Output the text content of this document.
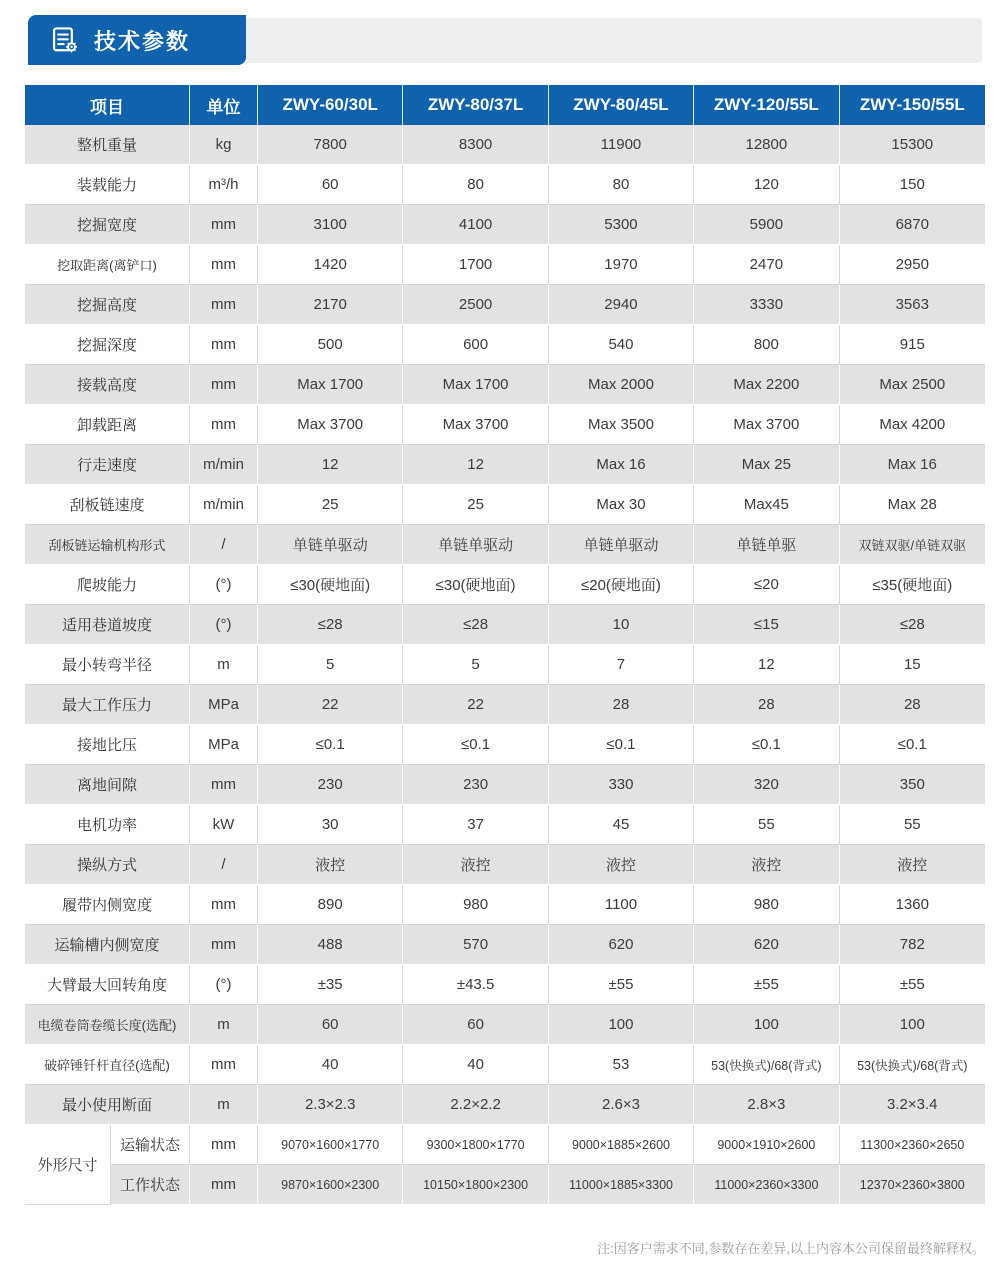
技术参数
项目		单位	ZWY-60/30L	ZWY-80/37L	ZWY-80/45L	ZWY-120/55L	ZWY-150/55L
整机重量		kg	7800	8300	11900	12800	15300
装载能力		m³/h	60	80	80	120	150
挖掘宽度		mm	3100	4100	5300	5900	6870
挖取距离(离铲口)		mm	1420	1700	1970	2470	2950
挖掘高度		mm	2170	2500	2940	3330	3563
挖掘深度		mm	500	600	540	800	915
接载高度		mm	Max 1700	Max 1700	Max 2000	Max 2200	Max 2500
卸载距离		mm	Max 3700	Max 3700	Max 3500	Max 3700	Max 4200
行走速度		m/min	12	12	Max 16	Max 25	Max 16
刮板链速度		m/min	25	25	Max 30	Max45	Max 28
刮板链运输机构形式		/	单链单驱动	单链单驱动	单链单驱动	单链单驱	双链双驱/单链双驱
爬坡能力		(°)	≤30(硬地面)	≤30(硬地面)	≤20(硬地面)	≤20	≤35(硬地面)
适用巷道坡度		(°)	≤28	≤28	10	≤15	≤28
最小转弯半径		m	5	5	7	12	15
最大工作压力		MPa	22	22	28	28	28
接地比压		MPa	≤0.1	≤0.1	≤0.1	≤0.1	≤0.1
离地间隙		mm	230	230	330	320	350
电机功率		kW	30	37	45	55	55
操纵方式		/	液控	液控	液控	液控	液控
履带内侧宽度		mm	890	980	1100	980	1360
运输槽内侧宽度		mm	488	570	620	620	782
大臂最大回转角度		(°)	±35	±43.5	±55	±55	±55
电缆卷筒卷缆长度(选配)		m	60	60	100	100	100
破碎锤钎杆直径(选配)		mm	40	40	53	53(快换式)/68(背式)	53(快换式)/68(背式)
最小使用断面		m	2.3×2.3	2.2×2.2	2.6×3	2.8×3	3.2×3.4
外形尺寸	运输状态	mm	9070×1600×1770	9300×1800×1770	9000×1885×2600	9000×1910×2600	11300×2360×2650
	工作状态	mm	9870×1600×2300	10150×1800×2300	11000×1885×3300	11000×2360×3300	12370×2360×3800
注:因客户需求不同,参数存在差异,以上内容本公司保留最终解释权。
